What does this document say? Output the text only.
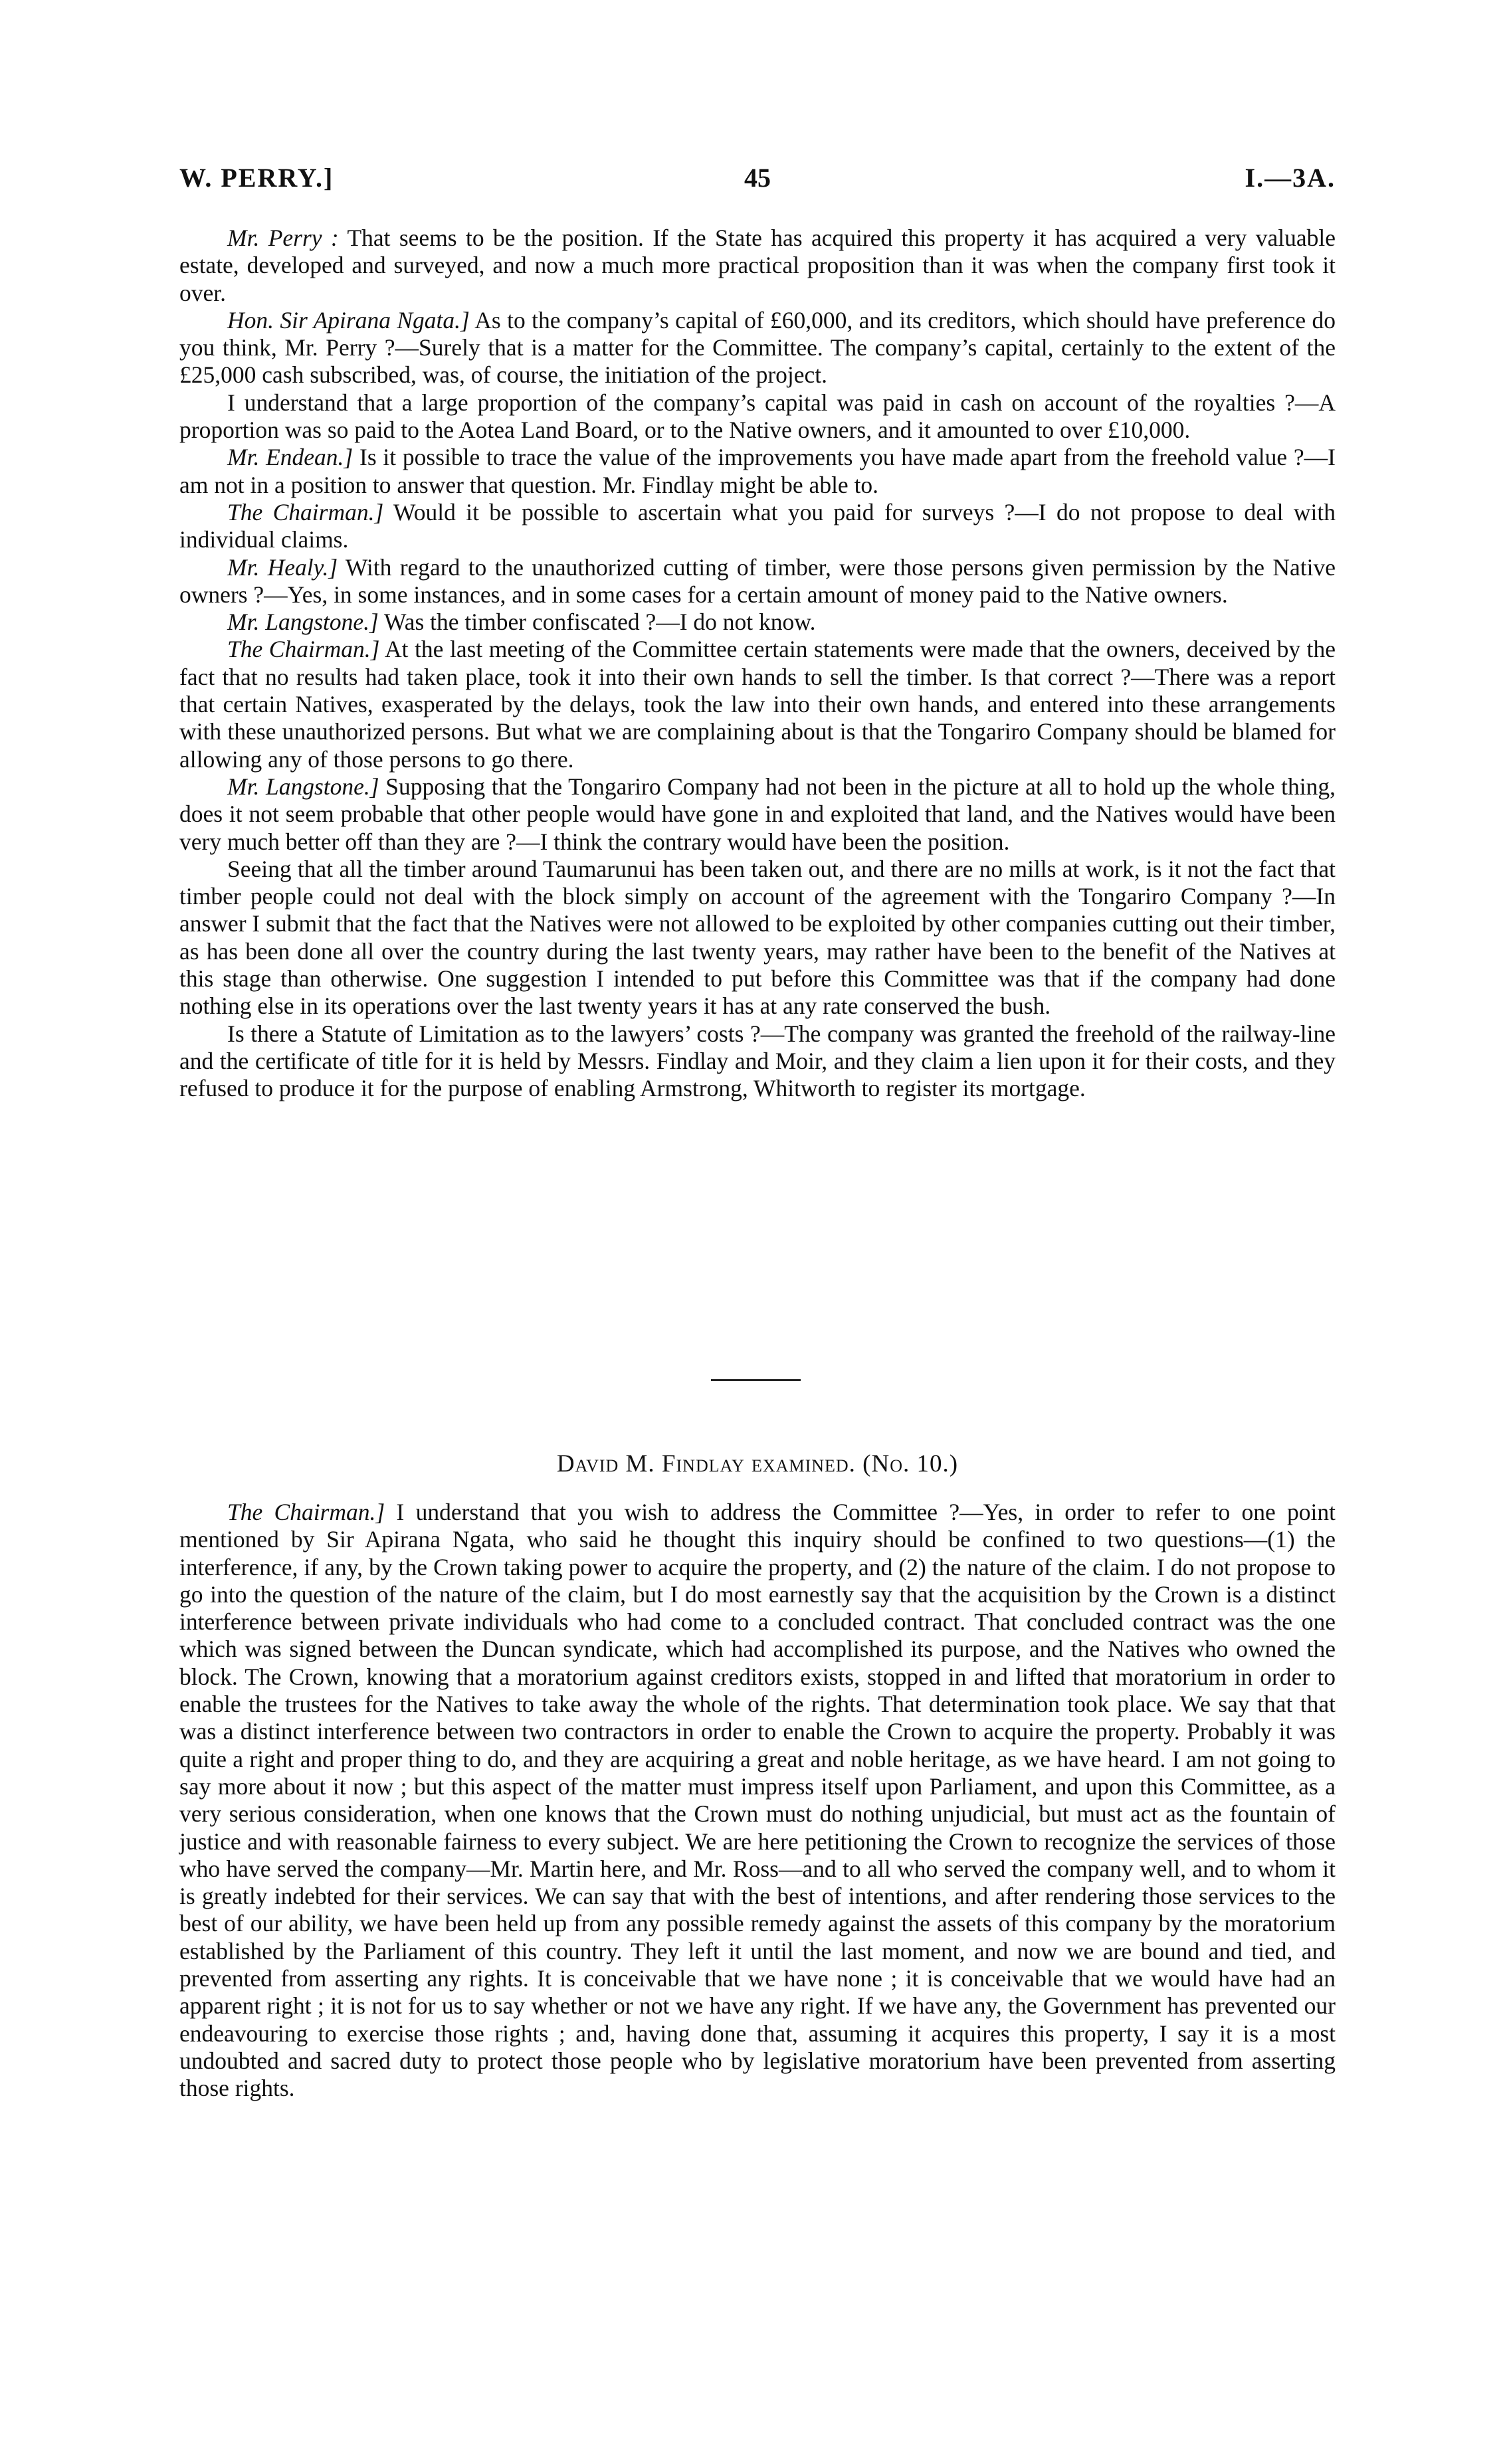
W. PERRY.]	45	I.—3A.

Mr. Perry : That seems to be the position. If the State has acquired this property it has acquired a very valuable estate, developed and surveyed, and now a much more practical proposition than it was when the company first took it over.

Hon. Sir Apirana Ngata.] As to the company’s capital of £60,000, and its creditors, which should have preference do you think, Mr. Perry ?—Surely that is a matter for the Committee. The company’s capital, certainly to the extent of the £25,000 cash subscribed, was, of course, the initiation of the project.

I understand that a large proportion of the company’s capital was paid in cash on account of the royalties ?—A proportion was so paid to the Aotea Land Board, or to the Native owners, and it amounted to over £10,000.

Mr. Endean.] Is it possible to trace the value of the improvements you have made apart from the freehold value ?—I am not in a position to answer that question. Mr. Findlay might be able to.

The Chairman.] Would it be possible to ascertain what you paid for surveys ?—I do not propose to deal with individual claims.

Mr. Healy.] With regard to the unauthorized cutting of timber, were those persons given permission by the Native owners ?—Yes, in some instances, and in some cases for a certain amount of money paid to the Native owners.

Mr. Langstone.] Was the timber confiscated ?—I do not know.

The Chairman.] At the last meeting of the Committee certain statements were made that the owners, deceived by the fact that no results had taken place, took it into their own hands to sell the timber. Is that correct ?—There was a report that certain Natives, exasperated by the delays, took the law into their own hands, and entered into these arrangements with these unauthorized persons. But what we are complaining about is that the Tongariro Company should be blamed for allowing any of those persons to go there.

Mr. Langstone.] Supposing that the Tongariro Company had not been in the picture at all to hold up the whole thing, does it not seem probable that other people would have gone in and exploited that land, and the Natives would have been very much better off than they are ?—I think the contrary would have been the position.

Seeing that all the timber around Taumarunui has been taken out, and there are no mills at work, is it not the fact that timber people could not deal with the block simply on account of the agreement with the Tongariro Company ?—In answer I submit that the fact that the Natives were not allowed to be exploited by other companies cutting out their timber, as has been done all over the country during the last twenty years, may rather have been to the benefit of the Natives at this stage than otherwise. One suggestion I intended to put before this Committee was that if the company had done nothing else in its operations over the last twenty years it has at any rate conserved the bush.

Is there a Statute of Limitation as to the lawyers’ costs ?—The company was granted the freehold of the railway-line and the certificate of title for it is held by Messrs. Findlay and Moir, and they claim a lien upon it for their costs, and they refused to produce it for the purpose of enabling Armstrong, Whitworth to register its mortgage.

David M. Findlay examined. (No. 10.)

The Chairman.] I understand that you wish to address the Committee ?—Yes, in order to refer to one point mentioned by Sir Apirana Ngata, who said he thought this inquiry should be confined to two questions—(1) the interference, if any, by the Crown taking power to acquire the property, and (2) the nature of the claim. I do not propose to go into the question of the nature of the claim, but I do most earnestly say that the acquisition by the Crown is a distinct interference between private individuals who had come to a concluded contract. That concluded contract was the one which was signed between the Duncan syndicate, which had accomplished its purpose, and the Natives who owned the block. The Crown, knowing that a moratorium against creditors exists, stopped in and lifted that moratorium in order to enable the trustees for the Natives to take away the whole of the rights. That determination took place. We say that that was a distinct interference between two contractors in order to enable the Crown to acquire the property. Probably it was quite a right and proper thing to do, and they are acquiring a great and noble heritage, as we have heard. I am not going to say more about it now ; but this aspect of the matter must impress itself upon Parliament, and upon this Committee, as a very serious consideration, when one knows that the Crown must do nothing unjudicial, but must act as the fountain of justice and with reasonable fairness to every subject. We are here petitioning the Crown to recognize the services of those who have served the company—Mr. Martin here, and Mr. Ross—and to all who served the company well, and to whom it is greatly indebted for their services. We can say that with the best of intentions, and after rendering those services to the best of our ability, we have been held up from any possible remedy against the assets of this company by the moratorium established by the Parliament of this country. They left it until the last moment, and now we are bound and tied, and prevented from asserting any rights. It is conceivable that we have none ; it is conceivable that we would have had an apparent right ; it is not for us to say whether or not we have any right. If we have any, the Government has prevented our endeavouring to exercise those rights ; and, having done that, assuming it acquires this property, I say it is a most undoubted and sacred duty to protect those people who by legislative moratorium have been prevented from asserting those rights.
